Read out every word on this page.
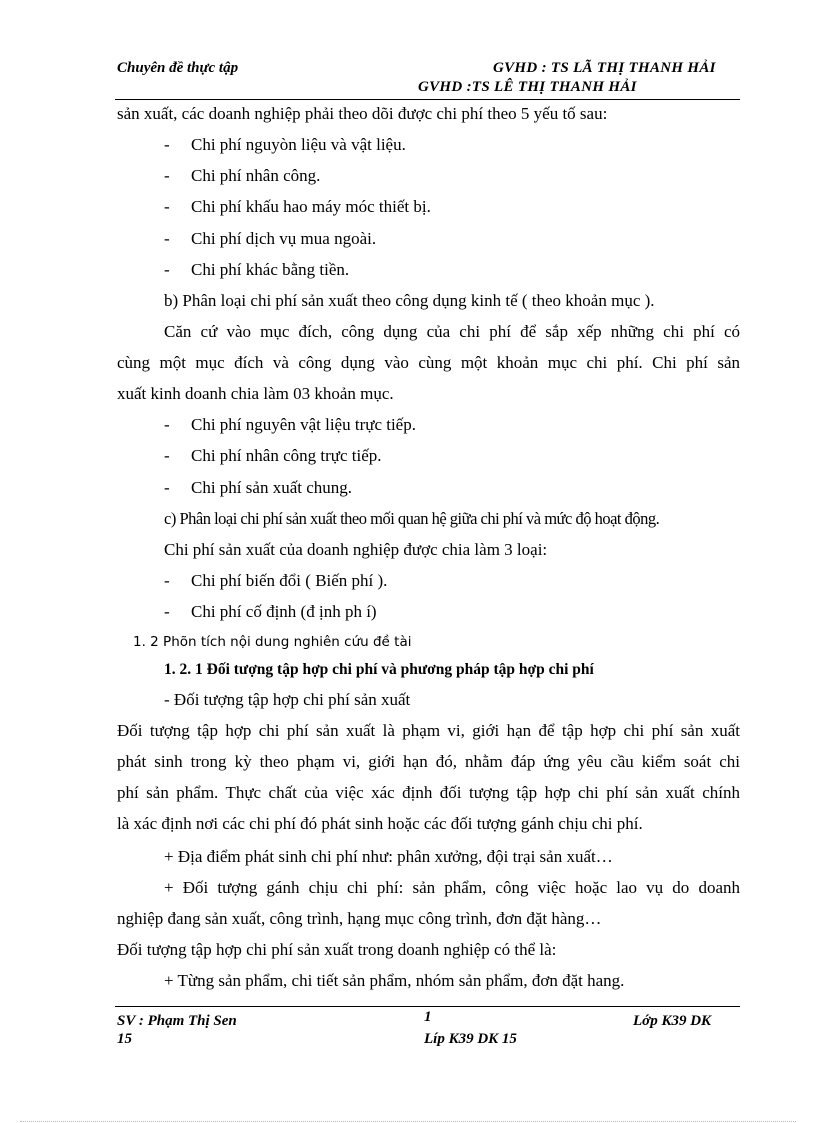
Chuyên đề thực tập	GVHD : TS LÃ THỊ THANH HẢI
GVHD :TS LÊ THỊ THANH HẢI
sản xuất, các doanh nghiệp phải theo dõi được chi phí theo 5 yếu tố sau:
- Chi phí nguyòn liệu và vật liệu.
- Chi phí nhân công.
- Chi phí khấu hao máy móc thiết bị.
- Chi phí dịch vụ mua ngoài.
- Chi phí khác bằng tiền.
b) Phân loại chi phí sản xuất theo công dụng kinh tế ( theo khoản mục ).
Căn cứ vào mục đích, công dụng của chi phí để sắp xếp những chi phí có
cùng một mục đích và công dụng vào cùng một khoản mục chi phí. Chi phí sản
xuất kinh doanh chia làm 03 khoản mục.
- Chi phí nguyên vật liệu trực tiếp.
- Chi phí nhân công trực tiếp.
- Chi phí sản xuất chung.
c) Phân loại chi phí sản xuất theo mối quan hệ giữa chi phí và mức độ hoạt động.
Chi phí sản xuất của doanh nghiệp được chia làm 3 loại:
- Chi phí biến đổi ( Biến phí ).
- Chi phí cố định (đ ịnh ph í)
1. 2 Phõn tích nội dung nghiên cứu đề tài
1. 2. 1 Đối tượng tập hợp chi phí và phương pháp tập hợp chi phí
- Đối tượng tập hợp chi phí sản xuất
Đối tượng tập hợp chi phí sản xuất là phạm vi, giới hạn để tập hợp chi phí sản xuất
phát sinh trong kỳ theo phạm vi, giới hạn đó, nhằm đáp ứng yêu cầu kiểm soát chi
phí sản phẩm. Thực chất của việc xác định đối tượng tập hợp chi phí sản xuất chính
là xác định nơi các chi phí đó phát sinh hoặc các đối tượng gánh chịu chi phí.
+ Địa điểm phát sinh chi phí như: phân xưởng, đội trại sản xuất…
+ Đối tượng gánh chịu chi phí: sản phẩm, công việc hoặc lao vụ do doanh
nghiệp đang sản xuất, công trình, hạng mục công trình, đơn đặt hàng…
Đối tượng tập hợp chi phí sản xuất trong doanh nghiệp có thể là:
+ Từng sản phẩm, chi tiết sản phẩm, nhóm sản phẩm, đơn đặt hang.
SV : Phạm Thị Sen
15
1	Lớp K39 DK
Líp K39 DK 15
